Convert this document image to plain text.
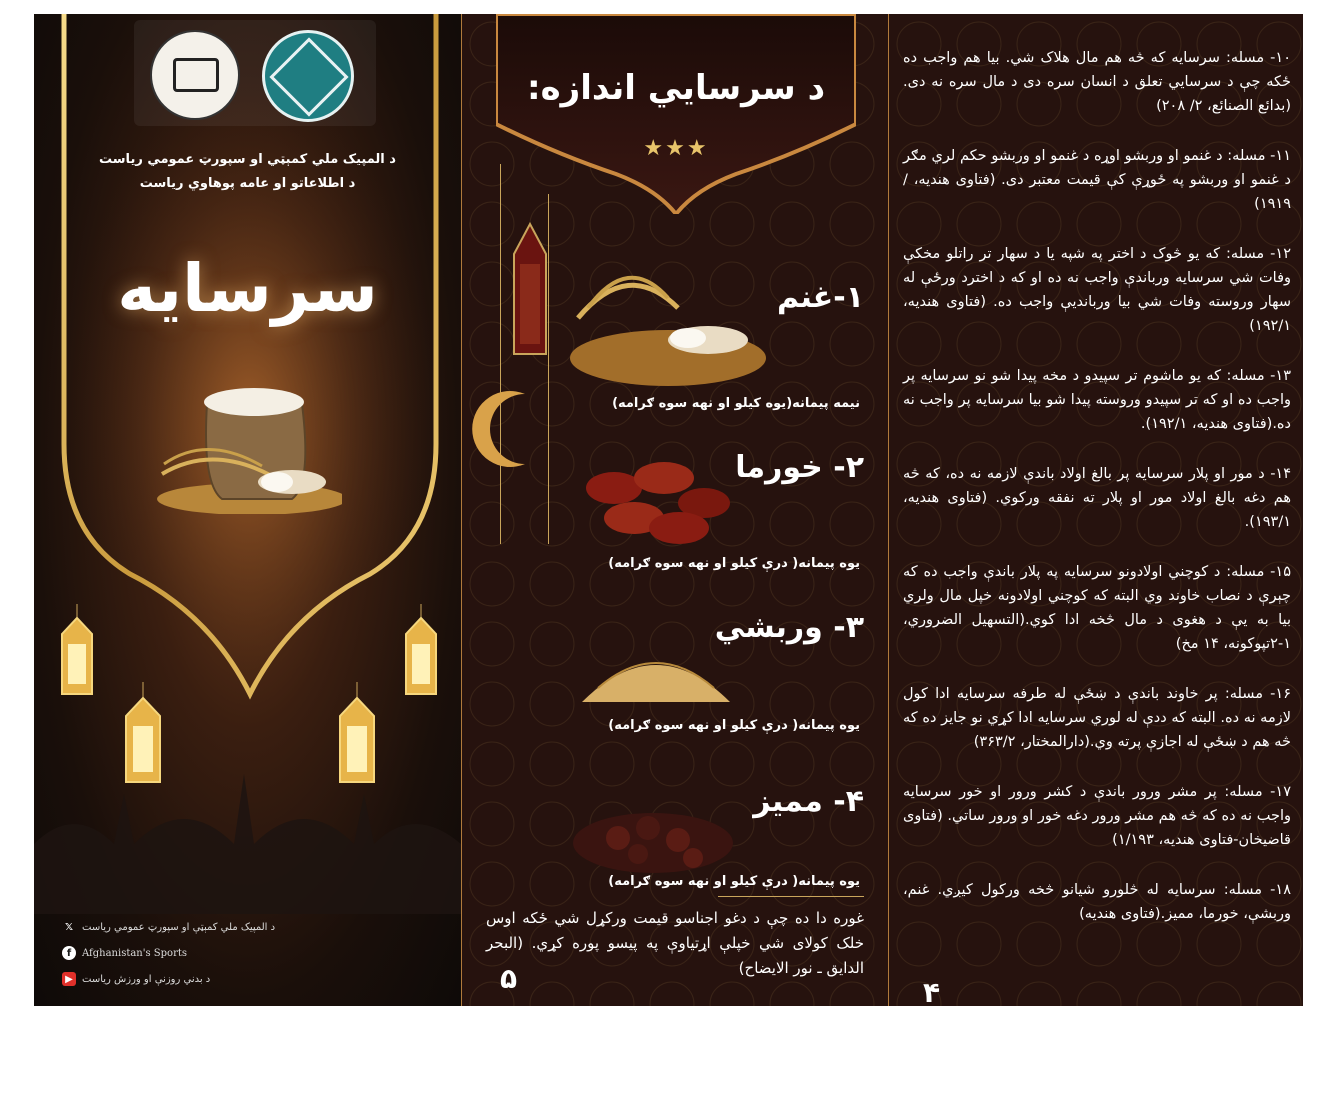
د المپیک ملي کمېټي او سپورټ عمومي ریاست
د اطلاعاتو او عامه پوهاوي ریاست
سرسایه
𝕏 د المپیک ملي کمېټې او سپورټ عمومي ریاست
f	Afghanistan's Sports
▶ د بدني روزنې او ورزش ریاست
د سرسايي اندازه:
★★★
۱-غنم
نیمه پیمانه(یوه کیلو او نهه سوه ګرامه)
۲- خورما
یوه پیمانه( درې کیلو او نهه سوه ګرامه)
۳- وربشي
یوه پیمانه( درې کیلو او نهه سوه ګرامه)
۴- ممیز
یوه پیمانه( درې کیلو او نهه سوه ګرامه)
غوره دا ده چې د دغو اجناسو قیمت ورکړل شي ځکه اوس خلک کولای شي خپلې اړتیاوې په پیسو پوره کړي. (البحر الدایق ـ نور الایضاح)
۵
۱۰- مسله: سرسایه که څه هم مال هلاک شي. بیا هم واجب ده ځکه چې د سرسایي تعلق د انسان سره دی د مال سره نه دی.(بدائع الصنائع، ۲/ ۲۰۸)
۱۱- مسله: د غنمو او وربشو اوړه د غنمو او وربشو حکم لري مګر د غنمو او وربشو په ځوړې کې قیمت معتبر دی. (فتاوی هندیه، / ۱۹۱۹)
۱۲- مسله: که یو څوک د اختر په شپه یا د سهار تر راتلو مخکې وفات شي سرسایه ورباندې واجب نه ده او که د اخترد ورځې له سهار وروسته وفات شي بیا وربانديې واجب ده. (فتاوی هندیه، ۱۹۲/۱)
۱۳- مسله: که یو ماشوم تر سپیدو د مخه پیدا شو نو سرسایه پر واجب ده او که تر سپیدو وروسته پیدا شو بیا سرسایه پر واجب نه ده.(فتاوی هندیه، ۱۹۲/۱).
۱۴- د مور او پلار سرسایه پر بالغ اولاد باندې لازمه نه ده، که څه هم دغه بالغ اولاد مور او پلار ته نفقه ورکوي. (فتاوی هندیه، ۱۹۳/۱).
۱۵- مسله: د کوچني اولادونو سرسایه په پلار باندې واجب ده که چېرې د نصاب خاوند وي البته که کوچني اولادونه خپل مال ولري بیا به یې د هغوی د مال څخه ادا کوي.(التسهیل الضروري، ۱-۲تپوکونه، ۱۴ مخ)
۱۶- مسله: پر خاوند باندې د ښځې له طرفه سرسایه ادا کول لازمه نه ده. البته که ددې له لوري سرسایه ادا کړي نو جایز ده که څه هم د ښځې له اجازې پرته وي.(دارالمختار، ۳۶۳/۲)
۱۷- مسله: پر مشر ورور باندې د کشر ورور او خور سرسایه واجب نه ده که څه هم مشر ورور دغه خور او ورور ساتي. (فتاوی قاضیخان-فتاوی هندیه، ۱/۱۹۳)
۱۸- مسله: سرسایه له څلورو شیانو څخه ورکول کیږي. غنم، وربشې، خورما، ممیز.(فتاوی هندیه)
۴
